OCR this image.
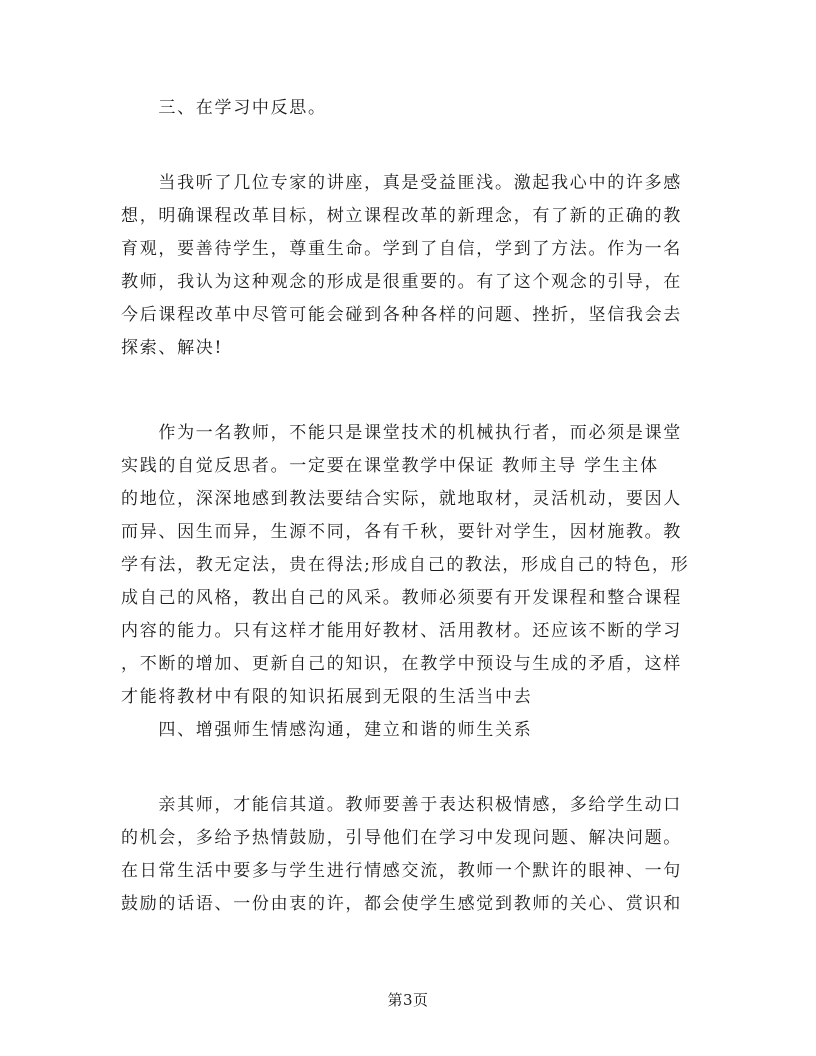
　　三、在学习中反思。
　　当我听了几位专家的讲座，真是受益匪浅。激起我心中的许多感
想，明确课程改革目标，树立课程改革的新理念，有了新的正确的教
育观，要善待学生，尊重生命。学到了自信，学到了方法。作为一名
教师，我认为这种观念的形成是很重要的。有了这个观念的引导，在
今后课程改革中尽管可能会碰到各种各样的问题、挫折，坚信我会去
探索、解决!
　　作为一名教师，不能只是课堂技术的机械执行者，而必须是课堂
实践的自觉反思者。一定要在课堂教学中保证 教师主导 学生主体
的地位，深深地感到教法要结合实际，就地取材，灵活机动，要因人
而异、因生而异，生源不同，各有千秋，要针对学生，因材施教。教
学有法，教无定法，贵在得法;形成自己的教法，形成自己的特色，形
成自己的风格，教出自己的风采。教师必须要有开发课程和整合课程
内容的能力。只有这样才能用好教材、活用教材。还应该不断的学习
，不断的增加、更新自己的知识，在教学中预设与生成的矛盾，这样
才能将教材中有限的知识拓展到无限的生活当中去
　　四、增强师生情感沟通，建立和谐的师生关系
　　亲其师，才能信其道。教师要善于表达积极情感，多给学生动口
的机会，多给予热情鼓励，引导他们在学习中发现问题、解决问题。
在日常生活中要多与学生进行情感交流，教师一个默许的眼神、一句
鼓励的话语、一份由衷的许，都会使学生感觉到教师的关心、赏识和
第3页
